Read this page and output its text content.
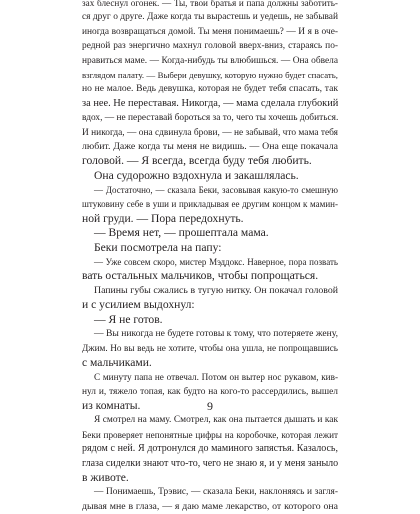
зах блеснул огонек. — Ты, твои братья и папа должны заботить-
ся друг о друге. Даже когда ты вырастешь и уедешь, не забывай
иногда возвращаться домой. Ты меня понимаешь? — И я в оче-
редной раз энергично махнул головой вверх-вниз, стараясь по-
нравиться маме. — Когда-нибудь ты влюбишься. — Она обвела
взглядом палату. — Выбери девушку, которую нужно будет спасать,
но не малое. Ведь девушка, которая не будет тебя спасать, так
за нее. Не переставая. Никогда, — мама сделала глубокий
вдох, — не переставай бороться за то, чего ты хочешь добиться.
И никогда, — она сдвинула брови, — не забывай, что мама тебя
любит. Даже когда ты меня не видишь. — Она еще покачала
головой. — Я всегда, всегда буду тебя любить.
Она судорожно вздохнула и закашлялась.
— Достаточно, — сказала Беки, засовывая какую-то смешную
штуковину себе в уши и прикладывая ее другим концом к мамин-
ной груди. — Пора передохнуть.
— Время нет, — прошептала мама.
Беки посмотрела на папу:
— Уже совсем скоро, мистер Мэддокс. Наверное, пора позвать
вать остальных мальчиков, чтобы попрощаться.
Папины губы сжались в тугую нитку. Он покачал головой
и с усилием выдохнул:
— Я не готов.
— Вы никогда не будете готовы к тому, что потеряете жену,
Джим. Но вы ведь не хотите, чтобы она ушла, не попрощавшись
с мальчиками.
С минуту папа не отвечал. Потом он вытер нос рукавом, кив-
нул и, тяжело топая, как будто на кого-то рассердились, вышел
из комнаты.
Я смотрел на маму. Смотрел, как она пытается дышать и как
Беки проверяет непонятные цифры на коробочке, которая лежит
рядом с ней. Я дотронулся до маминого запястья. Казалось,
глаза сиделки знают что-то, чего не знаю я, и у меня заныло
в животе.
— Понимаешь, Трэвис, — сказала Беки, наклоняясь и загля-
дывая мне в глаза, — я даю маме лекарство, от которого она
9
